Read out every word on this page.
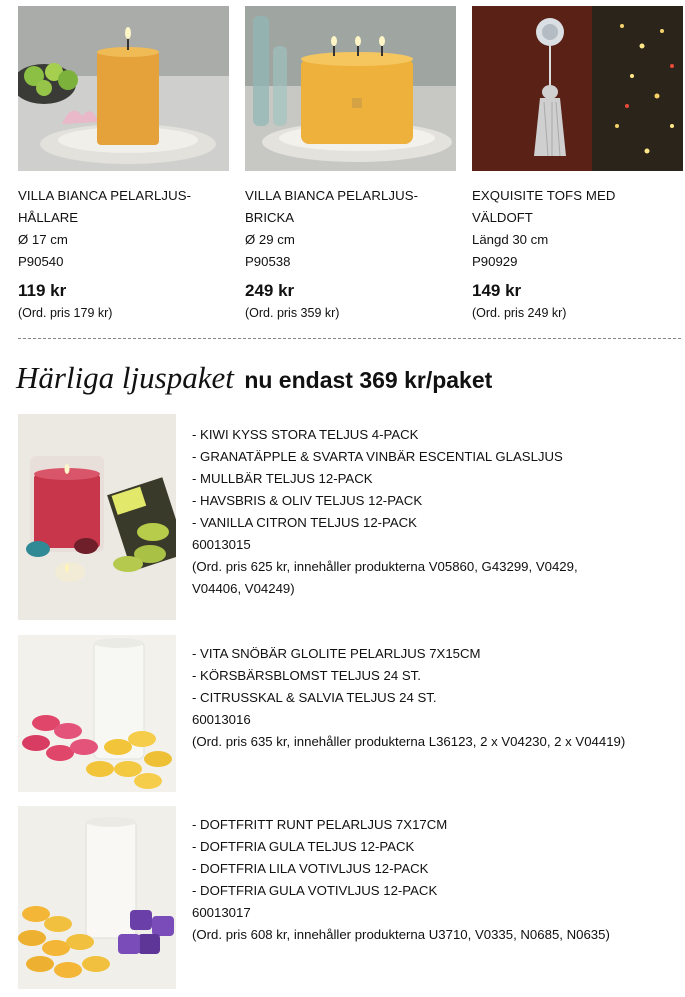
VILLA BIANCA PELARLJUS-
HÅLLARE
Ø 17 cm
P90540
119 kr
(Ord. pris 179 kr)
VILLA BIANCA PELARLJUS-
BRICKA
Ø 29 cm
P90538
249 kr
(Ord. pris 359 kr)
EXQUISITE TOFS MED
VÄLDOFT
Längd 30 cm
P90929
149 kr
(Ord. pris 249 kr)
Härliga ljuspaket nu endast 369 kr/paket
- KIWI KYSS STORA TELJUS 4-PACK
- GRANATÄPPLE & SVARTA VINBÄR ESCENTIAL GLASLJUS
- MULLBÄR TELJUS 12-PACK
- HAVSBRIS & OLIV TELJUS 12-PACK
- VANILLA CITRON TELJUS 12-PACK
60013015
(Ord. pris 625 kr, innehåller produkterna V05860, G43299, V0429,
V04406, V04249)
- VITA SNÖBÄR GLOLITE PELARLJUS 7X15CM
- KÖRSBÄRSBLOMST TELJUS 24 ST.
- CITRUSSKAL & SALVIA TELJUS 24 ST.
60013016
(Ord. pris 635 kr, innehåller produkterna L36123, 2 x V04230, 2 x V04419)
- DOFTFRITT RUNT PELARLJUS 7X17CM
- DOFTFRIA GULA TELJUS 12-PACK
- DOFTFRIA LILA VOTIVLJUS 12-PACK
- DOFTFRIA GULA VOTIVLJUS 12-PACK
60013017
(Ord. pris 608 kr, innehåller produkterna U3710, V0335, N0685, N0635)
